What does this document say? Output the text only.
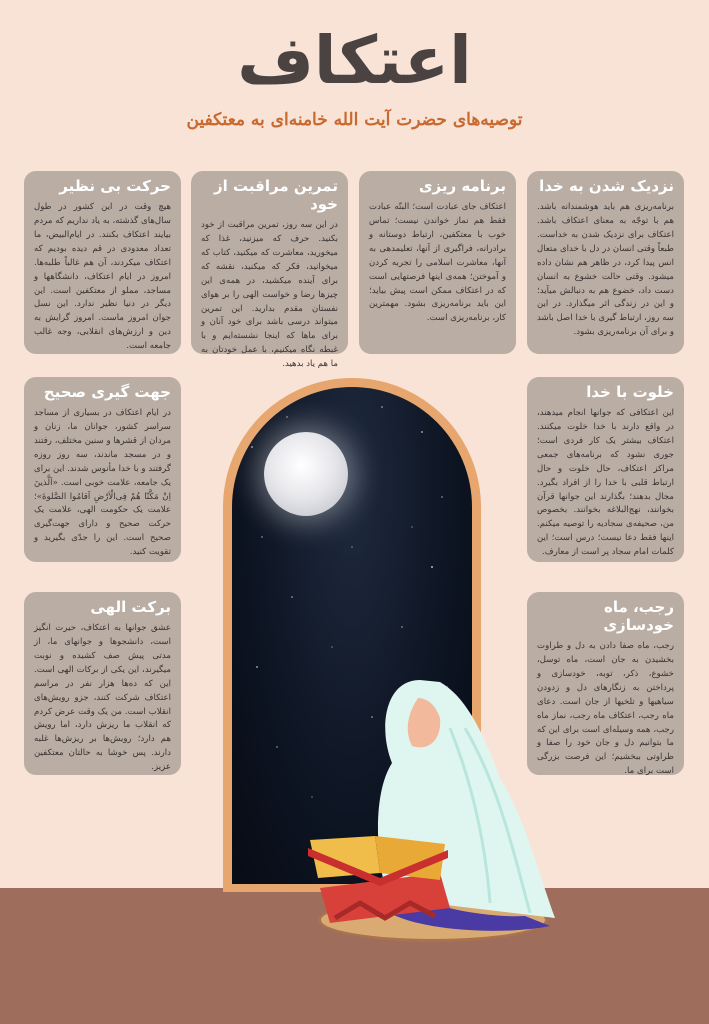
اعتکاف
توصیه‌های حضرت آیت الله خامنه‌ای به معتکفین
نزدیک شدن به خدا

برنامه‌ریزی هم باید هوشمندانه باشد. هم با توجّه به معنای اعتکاف باشد. اعتکاف برای نزدیک شدن به خداست. طبعاً وقتی انسان در دل با خدای متعال انس پیدا کرد، در ظاهر هم نشان داده میشود. وقتی حالت خشوع به انسان دست داد، خضوع هم به دنبالش میآید؛ و این در زندگی اثر میگذارد. در این سه روز، ارتباط گیری با خدا اصل باشد و برای آن برنامه‌ریزی بشود.

برنامه ریزی

اعتکاف جای عبادت است؛ البتّه عبادت فقط هم نماز خواندن نیست؛ تماس خوب با معتکفین، ارتباط دوستانه و برادرانه، فراگیری از آنها، تعلیمدهی به آنها، معاشرت اسلامی را تجربه کردن و آموختن؛ همه‌ی اینها فرصتهایی است که در اعتکاف ممکن است پیش بیاید؛ این باید برنامه‌ریزی بشود. مهمترین کار، برنامه‌ریزی است.

تمرین مراقبت از خود

در این سه روز، تمرین مراقبت از خود بکنید. حرف که میزنید، غذا که میخورید، معاشرت که میکنید، کتاب که میخوانید، فکر که میکنید، نقشه که برای آینده میکشید، در همه‌ی این چیزها رضا و خواست الهی را بر هوای نفستان مقدم بدارید. این تمرین میتواند درسی باشد برای خود آنان و برای ماها که اینجا نشسته‌ایم و با غبطه نگاه میکنیم، با عمل خودتان به ما هم یاد بدهید.

حرکت بی نظیر

هیچ وقت در این کشور در طول سال‌های گذشته، به یاد نداریم که مردم بیایند اعتکاف بکنند. در ایام‌البیض، ما تعداد معدودی در قم دیده بودیم که اعتکاف میکردند، آن هم غالباً طلبه‌ها. امروز در ایام اعتکاف، دانشگاهها و مساجد، مملو از معتکفین است. این دیگر در دنیا نظیر ندارد. این نسل جوان امروز ماست. امروز گرایش به دین و ارزش‌های انقلابی، وجه غالب جامعه است.

خلوت با خدا

این اعتکافی که جوانها انجام میدهند، در واقع دارند با خدا خلوت میکنند. اعتکاف بیشتر یک کار فردی است؛ جوری نشود که برنامه‌های جمعی مراکز اعتکاف، حال خلوت و حال ارتباط قلبی با خدا را از افراد بگیرد. مجال بدهند؛ بگذارند این جوانها قرآن بخوانند، نهج‌البلاغه بخوانند. بخصوص من، صحیفه‌ی سجادیه را توصیه میکنم. اینها فقط دعا نیست؛ درس است؛ این کلمات امام سجاد پر است از معارف.

جهت گیری صحیح

در ایام اعتکاف در بسیاری از مساجد سراسر کشور، جوانان ما، زنان و مردان از قشرها و سنین مختلف، رفتند و در مسجد ماندند، سه روز روزه گرفتند و با خدا مأنوس شدند. این برای یک جامعه، علامت خوبی است. «اَلَّذینَ اِنْ مَکَّنّا هُمْ فِی‌الْاَرْضِ اَقامُوا الصَّلوةَ»؛ علامت یک حکومت الهی، علامت یک حرکت صحیح و دارای جهت‌گیری صحیح است. این را جدّی بگیرید و تقویت کنید.

رجب، ماه خودسازی

رجب، ماه صفا دادن به دل و طراوت بخشیدن به جان است، ماه توسل، خشوع، ذکر، توبه، خودسازی و پرداختن به زنگارهای دل و زدودن سیاهیها و تلخیها از جان است. دعای ماه رجب، اعتکاف ماه رجب، نماز ماه رجب، همه وسیله‌ای است برای این که ما بتوانیم دل و جان خود را صفا و طراوتی ببخشیم؛ این فرصت بزرگی است برای ما.

برکت الهی

عشق جوانها به اعتکاف، حیرت انگیز است، دانشجوها و جوانهای ما، از مدتی پیش صف کشیده و نوبت میگیرند، این یکی از برکات الهی است. این که ده‌ها هزار نفر در مراسم اعتکاف شرکت کنند، جزو رویش‌های انقلاب است. من یک وقت عرض کردم که انقلاب ما ریزش دارد، اما رویش هم دارد؛ رویش‌ها بر ریزش‌ها غلبه دارند. پس خوشا به حالتان معتکفین عزیز.
